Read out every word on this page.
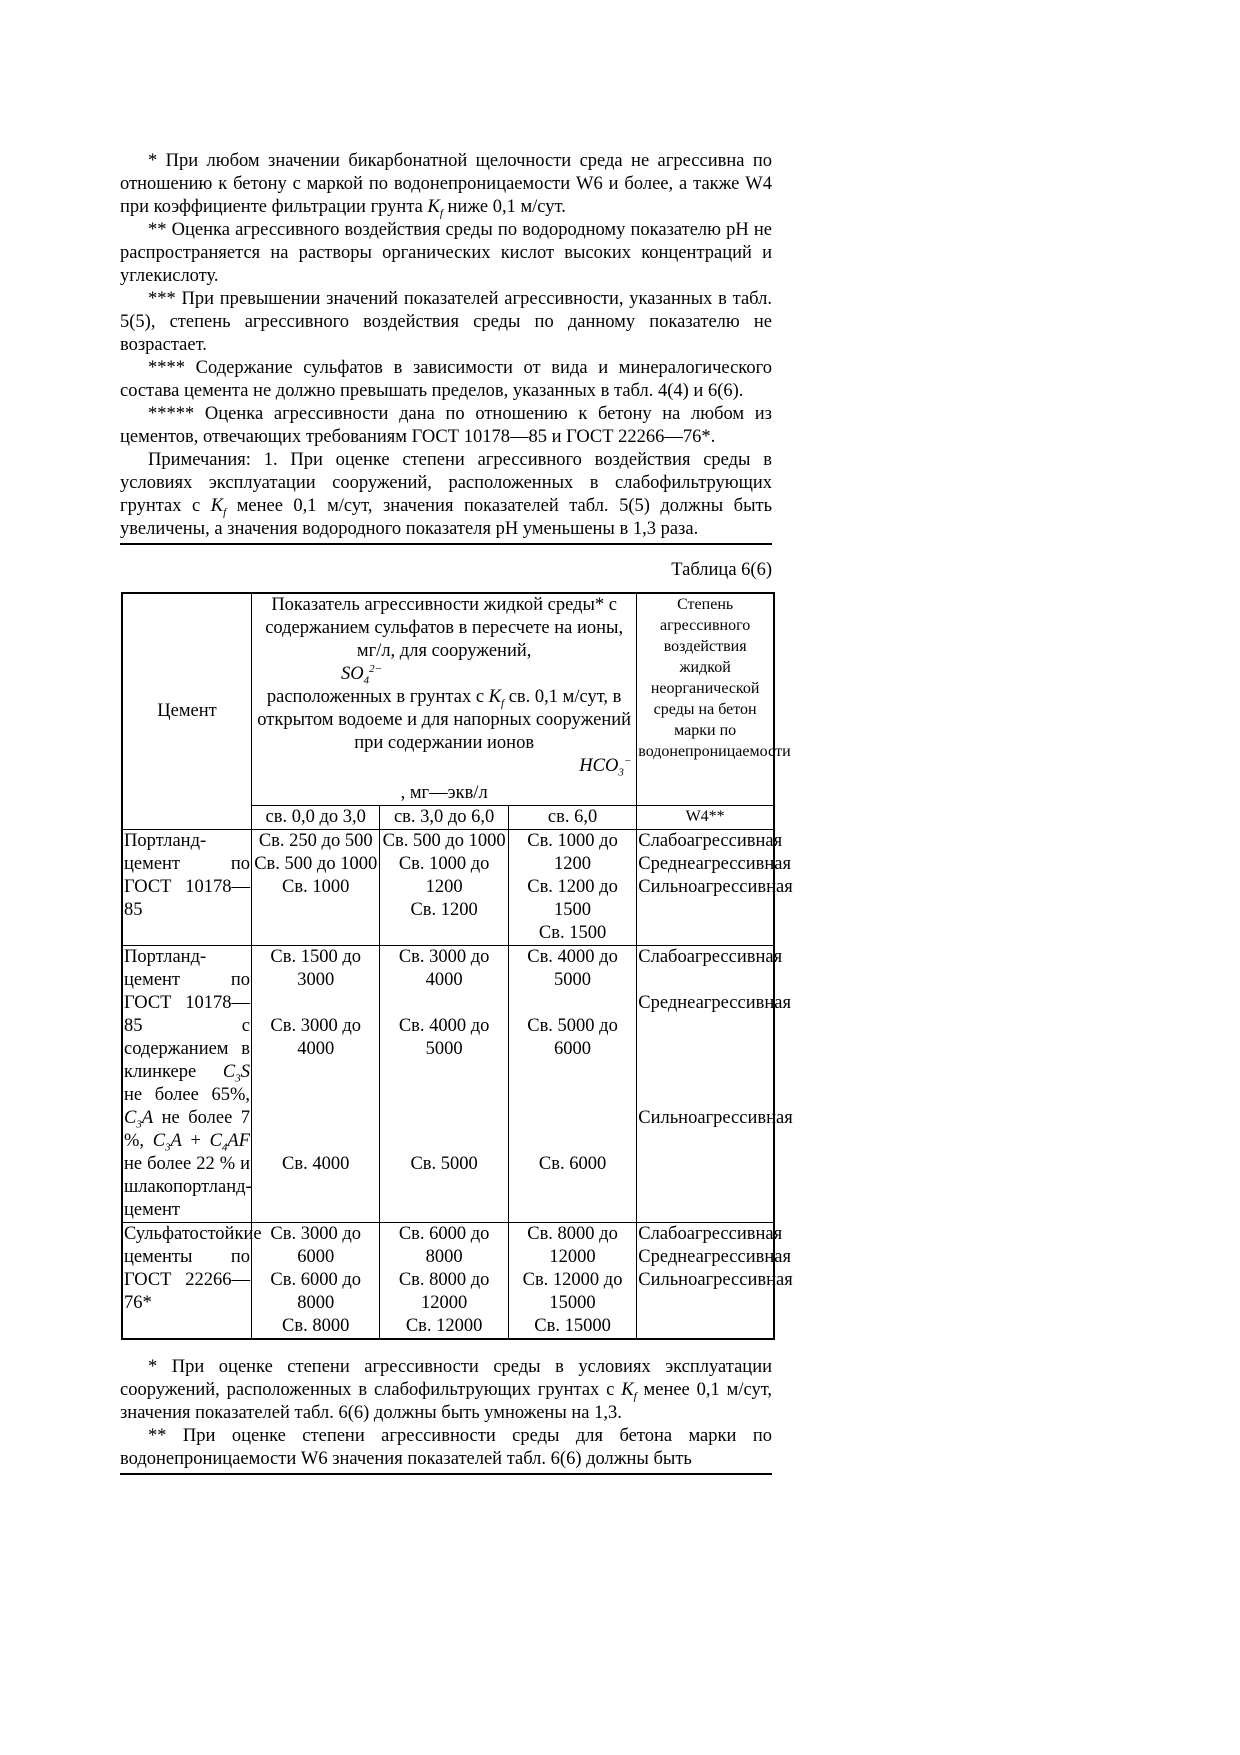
* При любом значении бикарбонатной щелочности среда не агрессивна по отношению к бетону с маркой по водонепроницаемости W6 и более, а также W4 при коэффициенте фильтрации грунта $K_f$ ниже 0,1 м/сут.

** Оценка агрессивного воздействия среды по водородному показателю pH не распространяется на растворы органических кислот высоких концентраций и углекислоту.

*** При превышении значений показателей агрессивности, указанных в табл. 5(5), степень агрессивного воздействия среды по данному показателю не возрастает.

**** Содержание сульфатов в зависимости от вида и минералогического состава цемента не должно превышать пределов, указанных в табл. 4(4) и 6(6).

***** Оценка агрессивности дана по отношению к бетону на любом из цементов, отвечающих требованиям ГОСТ 10178—85 и ГОСТ 22266—76*.

Примечания: 1. При оценке степени агрессивного воздействия среды в условиях эксплуатации сооружений, расположенных в слабофильтрующих грунтах с $K_f$ менее 0,1 м/сут, значения показателей табл. 5(5) должны быть увеличены, а значения водородного показателя pH уменьшены в 1,3 раза.

Таблица 6(6)
Цемент	Показатель агрессивности жидкой среды* с содержанием сульфатов в пересчете на ионы, мг/л, для сооружений,
$SO_4^{2-}$
расположенных в грунтах с $K_f$ св. 0,1 м/сут, в открытом водоеме и для напорных сооружений при содержании ионов
$HCO_3^-$
, мг—экв/л			Степень агрессивного воздействия жидкой неорганической среды на бетон марки по водонепроницаемости
	св. 0,0 до 3,0	св. 3,0 до 6,0	св. 6,0	W4**
Портланд-цемент по ГОСТ 10178—85	Св. 250 до 500
Св. 500 до 1000
Св. 1000	Св. 500 до 1000
Св. 1000 до 1200
Св. 1200	Св. 1000 до 1200
Св. 1200 до 1500
Св. 1500	Слабоагрессивная
Среднеагрессивная
Сильноагрессивная

Портланд-цемент по ГОСТ 10178—85 с содержанием в клинкере $C_3S$ не более 65%, $C_3A$ не более 7 %, $C_3A + C_4AF$ не более 22 % и шлакопортланд-цемент	Св. 1500 до 3000
Св. 3000 до 4000
Св. 4000	Св. 3000 до 4000
Св. 4000 до 5000
Св. 5000	Св. 4000 до 5000
Св. 5000 до 6000
Св. 6000	Слабоагрессивная
Среднеагрессивная
Сильноагрессивная

Сульфатостойкие цементы по ГОСТ 22266—76*	Св. 3000 до 6000
Св. 6000 до 8000
Св. 8000	Св. 6000 до 8000
Св. 8000 до 12000
Св. 12000	Св. 8000 до 12000
Св. 12000 до 15000
Св. 15000	Слабоагрессивная
Среднеагрессивная
Сильноагрессивная

* При оценке степени агрессивности среды в условиях эксплуатации сооружений, расположенных в слабофильтрующих грунтах с $K_f$ менее 0,1 м/сут, значения показателей табл. 6(6) должны быть умножены на 1,3.

** При оценке степени агрессивности среды для бетона марки по водонепроницаемости W6 значения показателей табл. 6(6) должны быть
